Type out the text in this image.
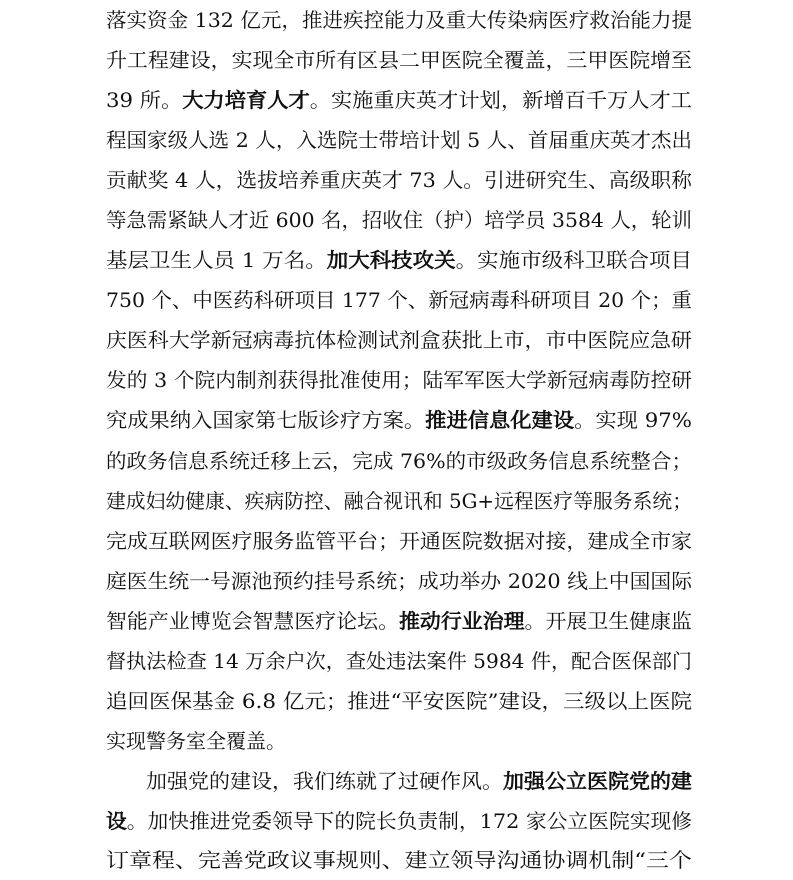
落实资金 132 亿元，推进疾控能力及重大传染病医疗救治能力提
升工程建设，实现全市所有区县二甲医院全覆盖，三甲医院增至
39 所。大力培育人才。实施重庆英才计划，新增百千万人才工
程国家级人选 2 人，入选院士带培计划 5 人、首届重庆英才杰出
贡献奖 4 人，选拔培养重庆英才 73 人。引进研究生、高级职称
等急需紧缺人才近 600 名，招收住（护）培学员 3584 人，轮训
基层卫生人员 1 万名。加大科技攻关。实施市级科卫联合项目
750 个、中医药科研项目 177 个、新冠病毒科研项目 20 个；重
庆医科大学新冠病毒抗体检测试剂盒获批上市，市中医院应急研
发的 3 个院内制剂获得批准使用；陆军军医大学新冠病毒防控研
究成果纳入国家第七版诊疗方案。推进信息化建设。实现 97%
的政务信息系统迁移上云，完成 76%的市级政务信息系统整合；
建成妇幼健康、疾病防控、融合视讯和 5G+远程医疗等服务系统；
完成互联网医疗服务监管平台；开通医院数据对接，建成全市家
庭医生统一号源池预约挂号系统；成功举办 2020 线上中国国际
智能产业博览会智慧医疗论坛。推动行业治理。开展卫生健康监
督执法检查 14 万余户次，查处违法案件 5984 件，配合医保部门
追回医保基金 6.8 亿元；推进“平安医院”建设，三级以上医院
实现警务室全覆盖。
加强党的建设，我们练就了过硬作风。加强公立医院党的建
设。加快推进党委领导下的院长负责制，172 家公立医院实现修
订章程、完善党政议事规则、建立领导沟通协调机制“三个
